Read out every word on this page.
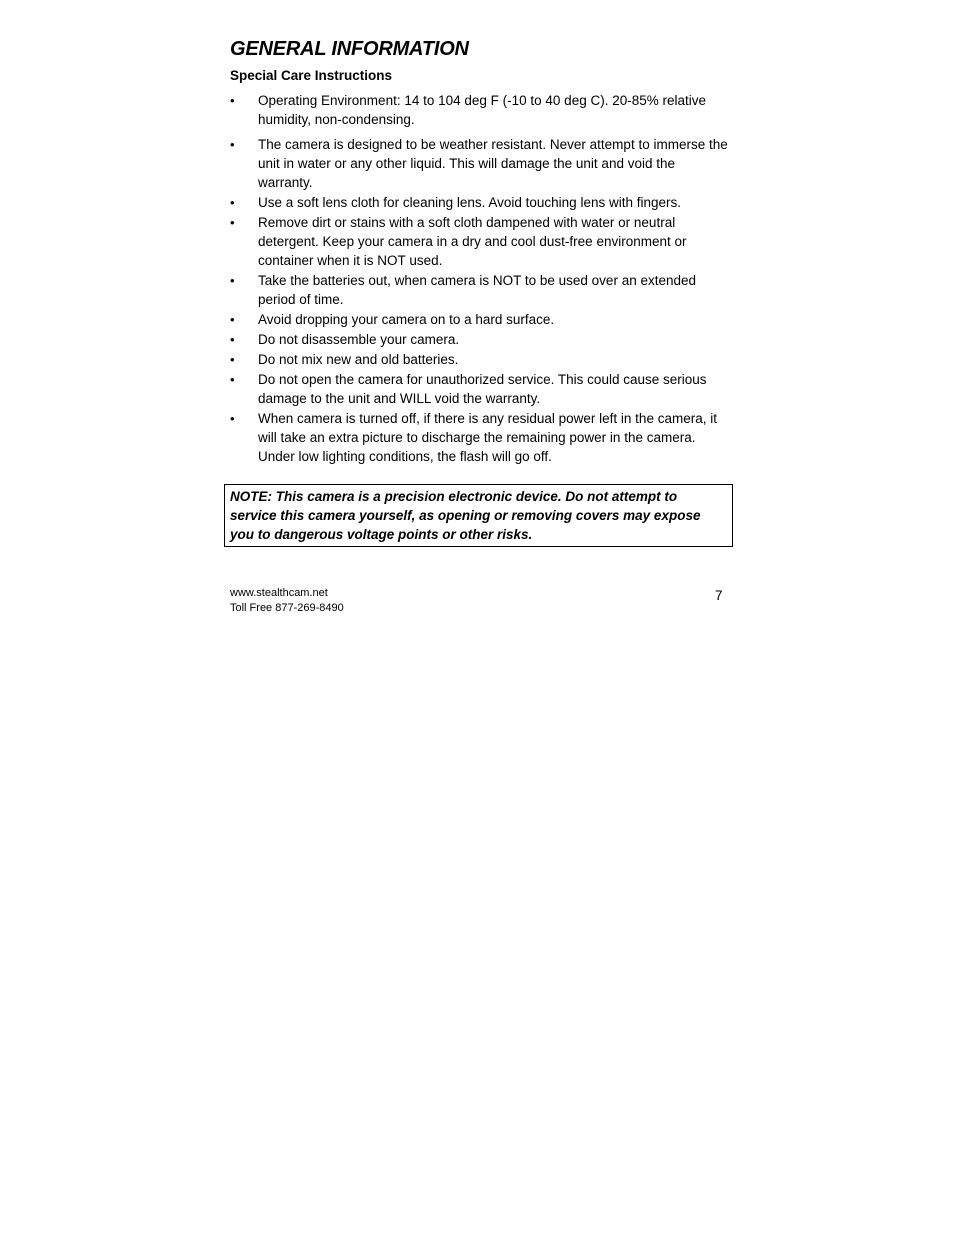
GENERAL INFORMATION
Special Care Instructions
• Operating Environment: 14 to 104 deg F (-10 to 40 deg C). 20-85% relative humidity, non-condensing.
• The camera is designed to be weather resistant. Never attempt to immerse the unit in water or any other liquid. This will damage the unit and void the warranty.
• Use a soft lens cloth for cleaning lens. Avoid touching lens with fingers.
• Remove dirt or stains with a soft cloth dampened with water or neutral detergent. Keep your camera in a dry and cool dust-free environment or container when it is NOT used.
• Take the batteries out, when camera is NOT to be used over an extended period of time.
• Avoid dropping your camera on to a hard surface.
• Do not disassemble your camera.
• Do not mix new and old batteries.
• Do not open the camera for unauthorized service. This could cause serious damage to the unit and WILL void the warranty.
• When camera is turned off, if there is any residual power left in the camera, it will take an extra picture to discharge the remaining power in the camera. Under low lighting conditions, the flash will go off.
NOTE: This camera is a precision electronic device. Do not attempt to service this camera yourself, as opening or removing covers may expose you to dangerous voltage points or other risks.
www.stealthcam.net
Toll Free 877-269-8490
7
